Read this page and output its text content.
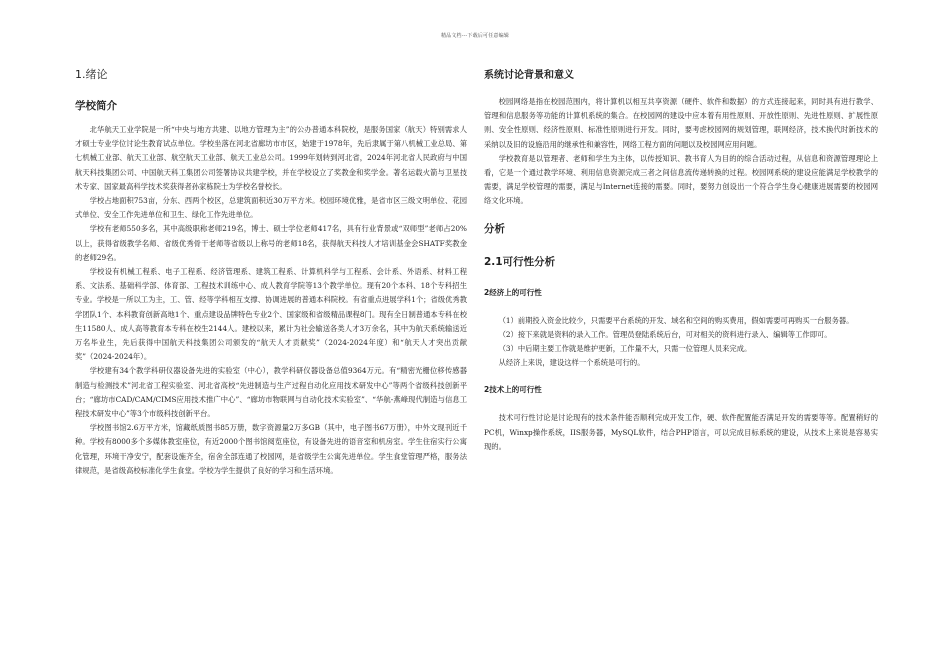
精品文档---下载后可任意编辑
1.绪论
学校简介

北华航天工业学院是一所“中央与地方共建、以地方管理为主”的公办普通本科院校，是服务国家（航天）特别需求人才硕士专业学位讨论生教育试点单位。学校坐落在河北省廊坊市市区，始建于1978年，先后隶属于第八机械工业总局、第七机械工业部、航天工业部、航空航天工业部、航天工业总公司。1999年划转到河北省，2024年河北省人民政府与中国航天科技集团公司、中国航天科工集团公司签署协议共建学校，并在学校设立了奖教金和奖学金。著名运载火箭与卫星技术专家、国家最高科学技术奖获得者孙家栋院士为学校名誉校长。

学校占地面积753亩，分东、西两个校区，总建筑面积近30万平方米。校园环境优雅，是省市区三级文明单位、花园式单位、安全工作先进单位和卫生、绿化工作先进单位。

学校有老师550多名，其中高级职称老师219名，博士、硕士学位老师417名，具有行业背景或“双师型”老师占20%以上，获得省级教学名师、省级优秀骨干老师等省级以上称号的老师18名，获得航天科技人才培训基金会SHATF奖教金的老师29名。

学校设有机械工程系、电子工程系、经济管理系、建筑工程系、计算机科学与工程系、会计系、外语系、材料工程系、文法系、基础科学部、体育部、工程技术训练中心、成人教育学院等13个教学单位。现有20个本科、18个专科招生专业。学校是一所以工为主，工、管、经等学科相互支撑、协调进展的普通本科院校。有省重点进展学科1个；省级优秀教学团队1个、本科教育创新高地1个、重点建设品牌特色专业2个、国家级和省级精品课程8门。现有全日制普通本专科在校生11580人、成人高等教育本专科在校生2144人。建校以来，累计为社会输送各类人才3万余名，其中为航天系统输送近万名毕业生，先后获得中国航天科技集团公司颁发的“航天人才贡献奖”（2024-2024年度）和“航天人才突出贡献奖”（2024-2024年）。

学校建有34个教学科研仪器设备先进的实验室（中心），教学科研仪器设备总值9364万元。有“精密光栅位移传感器制造与检测技术”河北省工程实验室、河北省高校“先进制造与生产过程自动化应用技术研发中心”等两个省级科技创新平台；“廊坊市CAD/CAM/CIMS应用技术推广中心”、“廊坊市物联网与自动化技术实验室”、“华航-燕峰现代制造与信息工程技术研发中心”等3个市级科技创新平台。

学校图书馆2.6万平方米，馆藏纸质图书85万册，数字资源量2万多GB（其中，电子图书67万册），中外文现刊近千种。学校有8000多个多媒体教室座位，有近2000个图书馆阅览座位，有设备先进的语音室和机房室。学生住宿实行公寓化管理，环境干净安宁，配套设施齐全，宿舍全部连通了校园网，是省级学生公寓先进单位。学生食堂管理严格，服务法律规范，是省级高校标准化学生食堂。学校为学生提供了良好的学习和生活环境。

系统讨论背景和意义

校园网络是指在校园范围内，将计算机以相互共享资源（硬件、软件和数据）的方式连接起来，同时具有进行教学、管理和信息服务等功能的计算机系统的集合。在校园网的建设中应本着有用性原则、开放性原则、先进性原则、扩展性原则、安全性原则、经济性原则、标准性原则进行开发。同时，要考虑校园网的规划管理，联网经济，技术换代时新技术的采纳以及旧的设施沿用的继承性和兼容性，网络工程方面的问题以及校园网应用问题。

学校教育是以管理者、老师和学生为主体，以传授知识、教书育人为目的的综合活动过程，从信息和资源管理理论上看，它是一个通过教学环境、利用信息资源完成三者之间信息流传递转换的过程。校园网系统的建设应能满足学校教学的需要，满足学校管理的需要，满足与Internet连接的需要。同时，要努力创设出一个符合学生身心健康进展需要的校园网络文化环境。

分析
2.1可行性分析
2经济上的可行性

（1）前期投入资金比较少，只需要平台系统的开发、域名和空间的购买费用，假如需要可再购买一台服务器。

（2）接下来就是资料的录入工作。管理员登陆系统后台，可对相关的资料进行录入、编辑等工作即可。

（3）中后期主要工作就是维护更新，工作量不大，只需一位管理人员来完成。

从经济上来说，建设这样一个系统是可行的。

2技术上的可行性

技术可行性讨论是讨论现有的技术条件能否顺利完成开发工作，硬、软件配置能否满足开发的需要等等。配置稍好的PC机，Winxp操作系统，IIS服务器，MySQL软件，结合PHP语言，可以完成目标系统的建设，从技术上来说是容易实现的。
